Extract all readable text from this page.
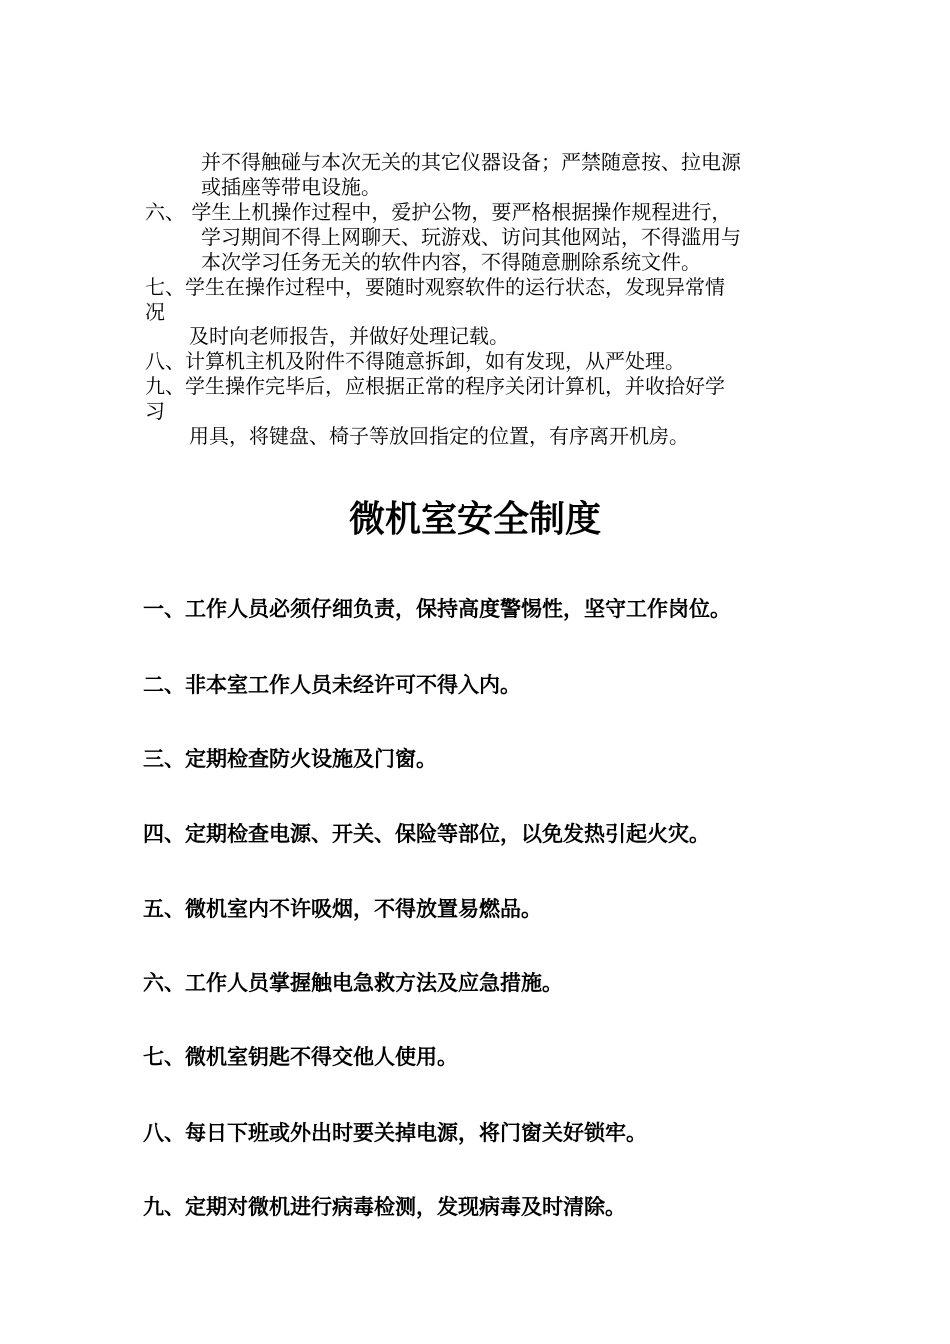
并不得触碰与本次无关的其它仪器设备；严禁随意按、拉电源
或插座等带电设施。
六、 学生上机操作过程中，爱护公物，要严格根据操作规程进行，
学习期间不得上网聊天、玩游戏、访问其他网站，不得滥用与
本次学习任务无关的软件内容，不得随意删除系统文件。
七、学生在操作过程中，要随时观察软件的运行状态，发现异常情
况
及时向老师报告，并做好处理记载。
八、计算机主机及附件不得随意拆卸，如有发现，从严处理。
九、学生操作完毕后，应根据正常的程序关闭计算机，并收拾好学
习
用具，将键盘、椅子等放回指定的位置，有序离开机房。
微机室安全制度
一、工作人员必须仔细负责，保持高度警惕性，坚守工作岗位。
二、非本室工作人员未经许可不得入内。
三、定期检查防火设施及门窗。
四、定期检查电源、开关、保险等部位，以免发热引起火灾。
五、微机室内不许吸烟，不得放置易燃品。
六、工作人员掌握触电急救方法及应急措施。
七、微机室钥匙不得交他人使用。
八、每日下班或外出时要关掉电源，将门窗关好锁牢。
九、定期对微机进行病毒检测，发现病毒及时清除。
